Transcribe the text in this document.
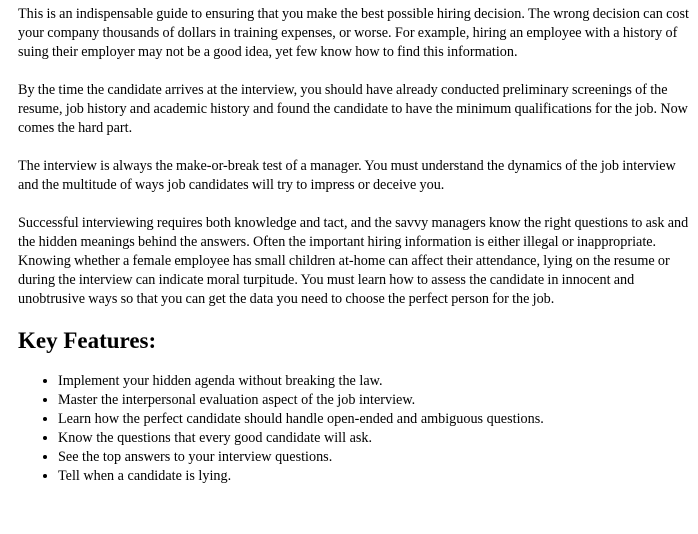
This is an indispensable guide to ensuring that you make the best possible hiring decision. The wrong decision can cost your company thousands of dollars in training expenses, or worse. For example, hiring an employee with a history of suing their employer may not be a good idea, yet few know how to find this information.

By the time the candidate arrives at the interview, you should have already conducted preliminary screenings of the resume, job history and academic history and found the candidate to have the minimum qualifications for the job. Now comes the hard part.

The interview is always the make-or-break test of a manager. You must understand the dynamics of the job interview and the multitude of ways job candidates will try to impress or deceive you.

Successful interviewing requires both knowledge and tact, and the savvy managers know the right questions to ask and the hidden meanings behind the answers. Often the important hiring information is either illegal or inappropriate. Knowing whether a female employee has small children at-home can affect their attendance, lying on the resume or during the interview can indicate moral turpitude. You must learn how to assess the candidate in innocent and unobtrusive ways so that you can get the data you need to choose the perfect person for the job.

Key Features:
• Implement your hidden agenda without breaking the law.
• Master the interpersonal evaluation aspect of the job interview.
• Learn how the perfect candidate should handle open-ended and ambiguous questions.
• Know the questions that every good candidate will ask.
• See the top answers to your interview questions.
• Tell when a candidate is lying.
